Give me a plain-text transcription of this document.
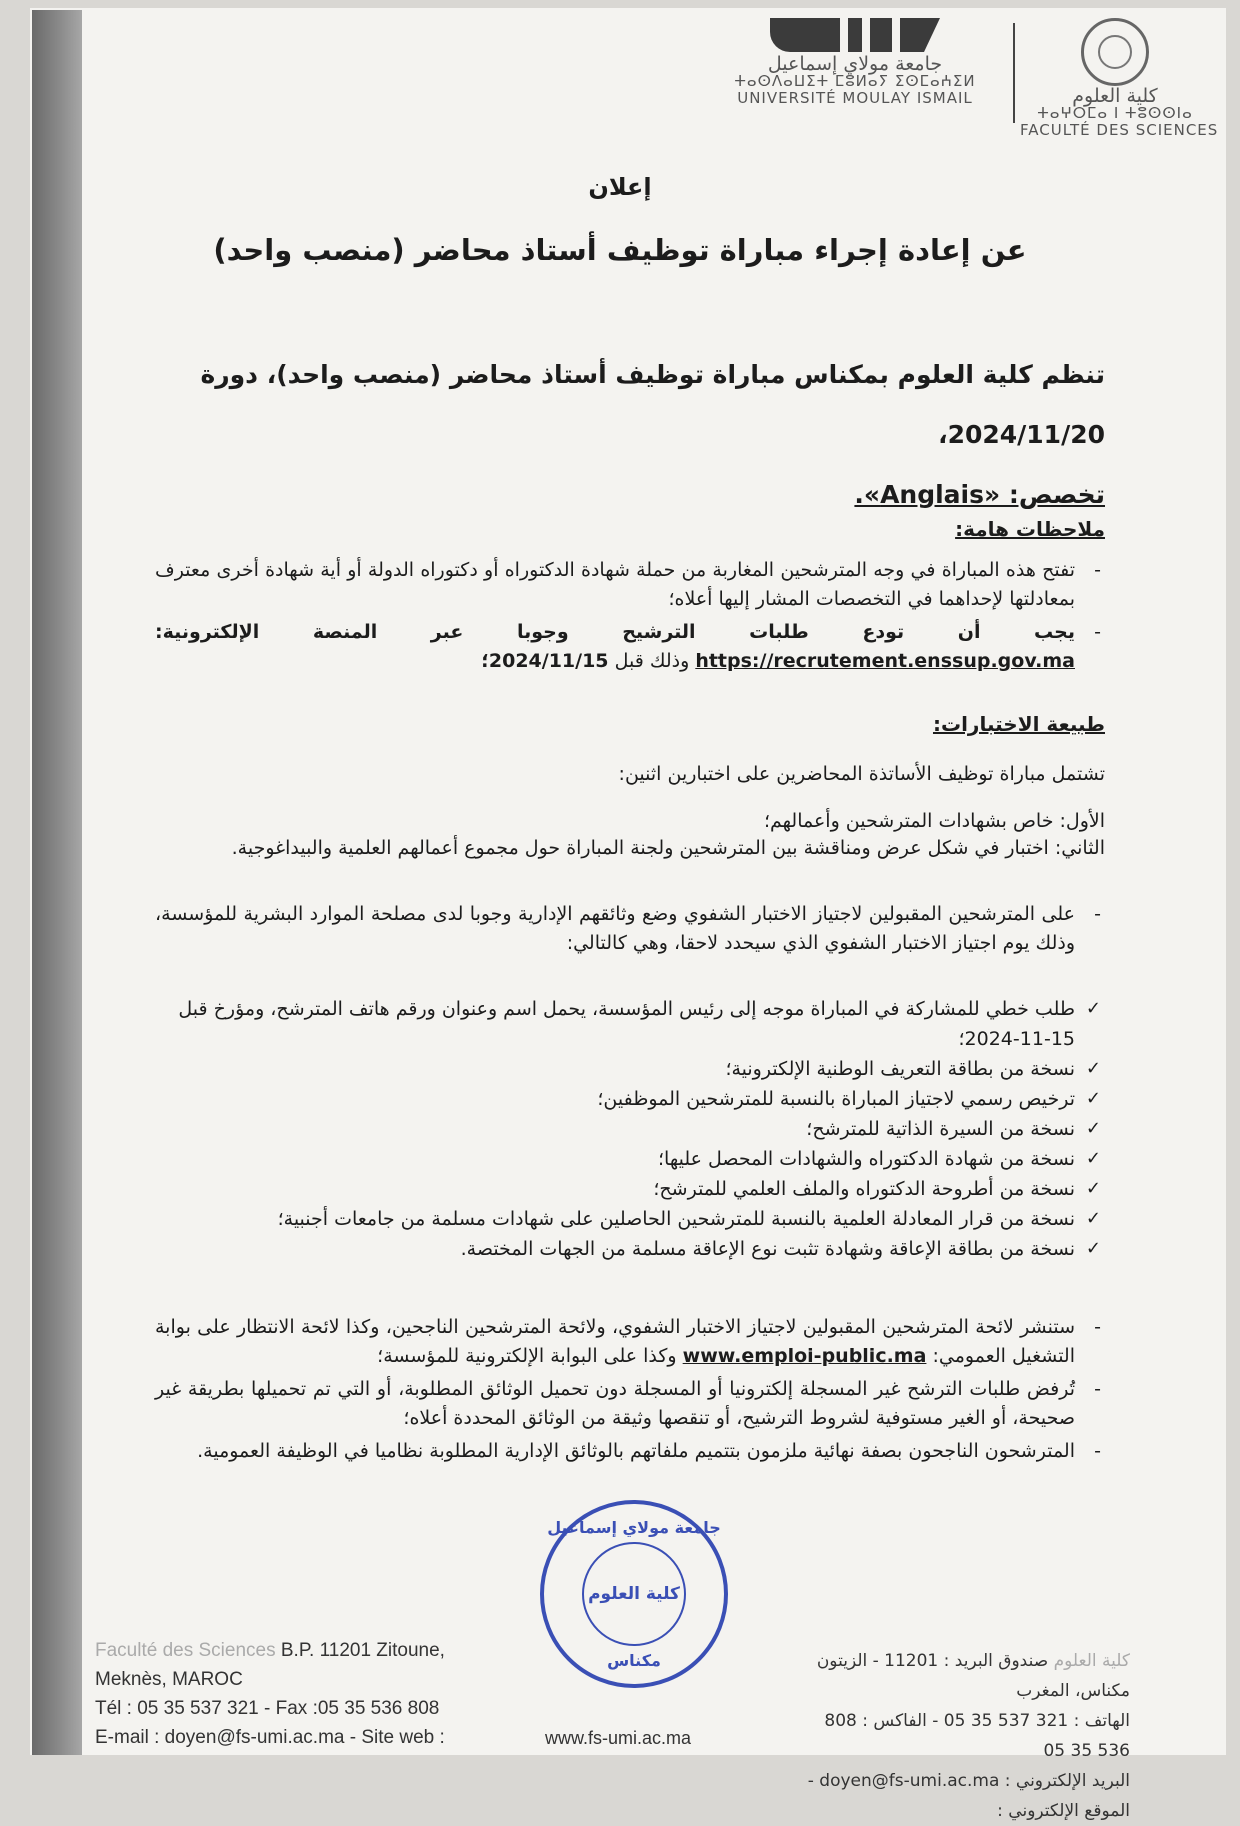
جامعة مولاي إسماعيل
ⵜⴰⵙⴷⴰⵡⵉⵜ ⵎⵓⵍⴰⵢ ⵉⵙⵎⴰⵄⵉⵍ
UNIVERSITÉ MOULAY ISMAIL	كلية العلوم
ⵜⴰⵖⵔⵎⴰ ⵏ ⵜⵓⵙⵙⵏⴰ
FACULTÉ DES SCIENCES
إعلان
عن إعادة إجراء مباراة توظيف أستاذ محاضر (منصب واحد)
تنظم كلية العلوم بمكناس مباراة توظيف أستاذ محاضر (منصب واحد)، دورة 2024/11/20،
تخصص: «Anglais».
ملاحظات هامة:
- تفتح هذه المباراة في وجه المترشحين المغاربة من حملة شهادة الدكتوراه أو دكتوراه الدولة أو أية شهادة أخرى معترف بمعادلتها لإحداهما في التخصصات المشار إليها أعلاه؛
- يجب أن تودع طلبات الترشيح وجوبا عبر المنصة الإلكترونية: https://recrutement.enssup.gov.ma وذلك قبل 2024/11/15؛
طبيعة الاختبارات:
تشتمل مباراة توظيف الأساتذة المحاضرين على اختبارين اثنين:
الأول: خاص بشهادات المترشحين وأعمالهم؛
الثاني: اختبار في شكل عرض ومناقشة بين المترشحين ولجنة المباراة حول مجموع أعمالهم العلمية والبيداغوجية.
- على المترشحين المقبولين لاجتياز الاختبار الشفوي وضع وثائقهم الإدارية وجوبا لدى مصلحة الموارد البشرية للمؤسسة، وذلك يوم اجتياز الاختبار الشفوي الذي سيحدد لاحقا، وهي كالتالي:
✓ طلب خطي للمشاركة في المباراة موجه إلى رئيس المؤسسة، يحمل اسم وعنوان ورقم هاتف المترشح، ومؤرخ قبل 15-11-2024؛
✓ نسخة من بطاقة التعريف الوطنية الإلكترونية؛
✓ ترخيص رسمي لاجتياز المباراة بالنسبة للمترشحين الموظفين؛
✓ نسخة من السيرة الذاتية للمترشح؛
✓ نسخة من شهادة الدكتوراه والشهادات المحصل عليها؛
✓ نسخة من أطروحة الدكتوراه والملف العلمي للمترشح؛
✓ نسخة من قرار المعادلة العلمية بالنسبة للمترشحين الحاصلين على شهادات مسلمة من جامعات أجنبية؛
✓ نسخة من بطاقة الإعاقة وشهادة تثبت نوع الإعاقة مسلمة من الجهات المختصة.
- ستنشر لائحة المترشحين المقبولين لاجتياز الاختبار الشفوي، ولائحة المترشحين الناجحين، وكذا لائحة الانتظار على بوابة التشغيل العمومي: www.emploi-public.ma وكذا على البوابة الإلكترونية للمؤسسة؛
- تُرفض طلبات الترشح غير المسجلة إلكترونيا أو المسجلة دون تحميل الوثائق المطلوبة، أو التي تم تحميلها بطريقة غير صحيحة، أو الغير مستوفية لشروط الترشيح، أو تنقصها وثيقة من الوثائق المحددة أعلاه؛
- المترشحون الناجحون بصفة نهائية ملزمون بتتميم ملفاتهم بالوثائق الإدارية المطلوبة نظاميا في الوظيفة العمومية.
جامعة مولاي إسماعيل
كلية العلوم
مكناس
Faculté des Sciences B.P. 11201 Zitoune,
Meknès, MAROC
Tél : 05 35 537 321 - Fax :05 35 536 808
E-mail : doyen@fs-umi.ac.ma - Site web :	www.fs-umi.ac.ma
كلية العلوم صندوق البريد : 11201 - الزيتون
مكناس، المغرب
الهاتف : 321 537 35 05 - الفاكس : 808 536 35 05
البريد الإلكتروني : doyen@fs-umi.ac.ma - الموقع الإلكتروني :
